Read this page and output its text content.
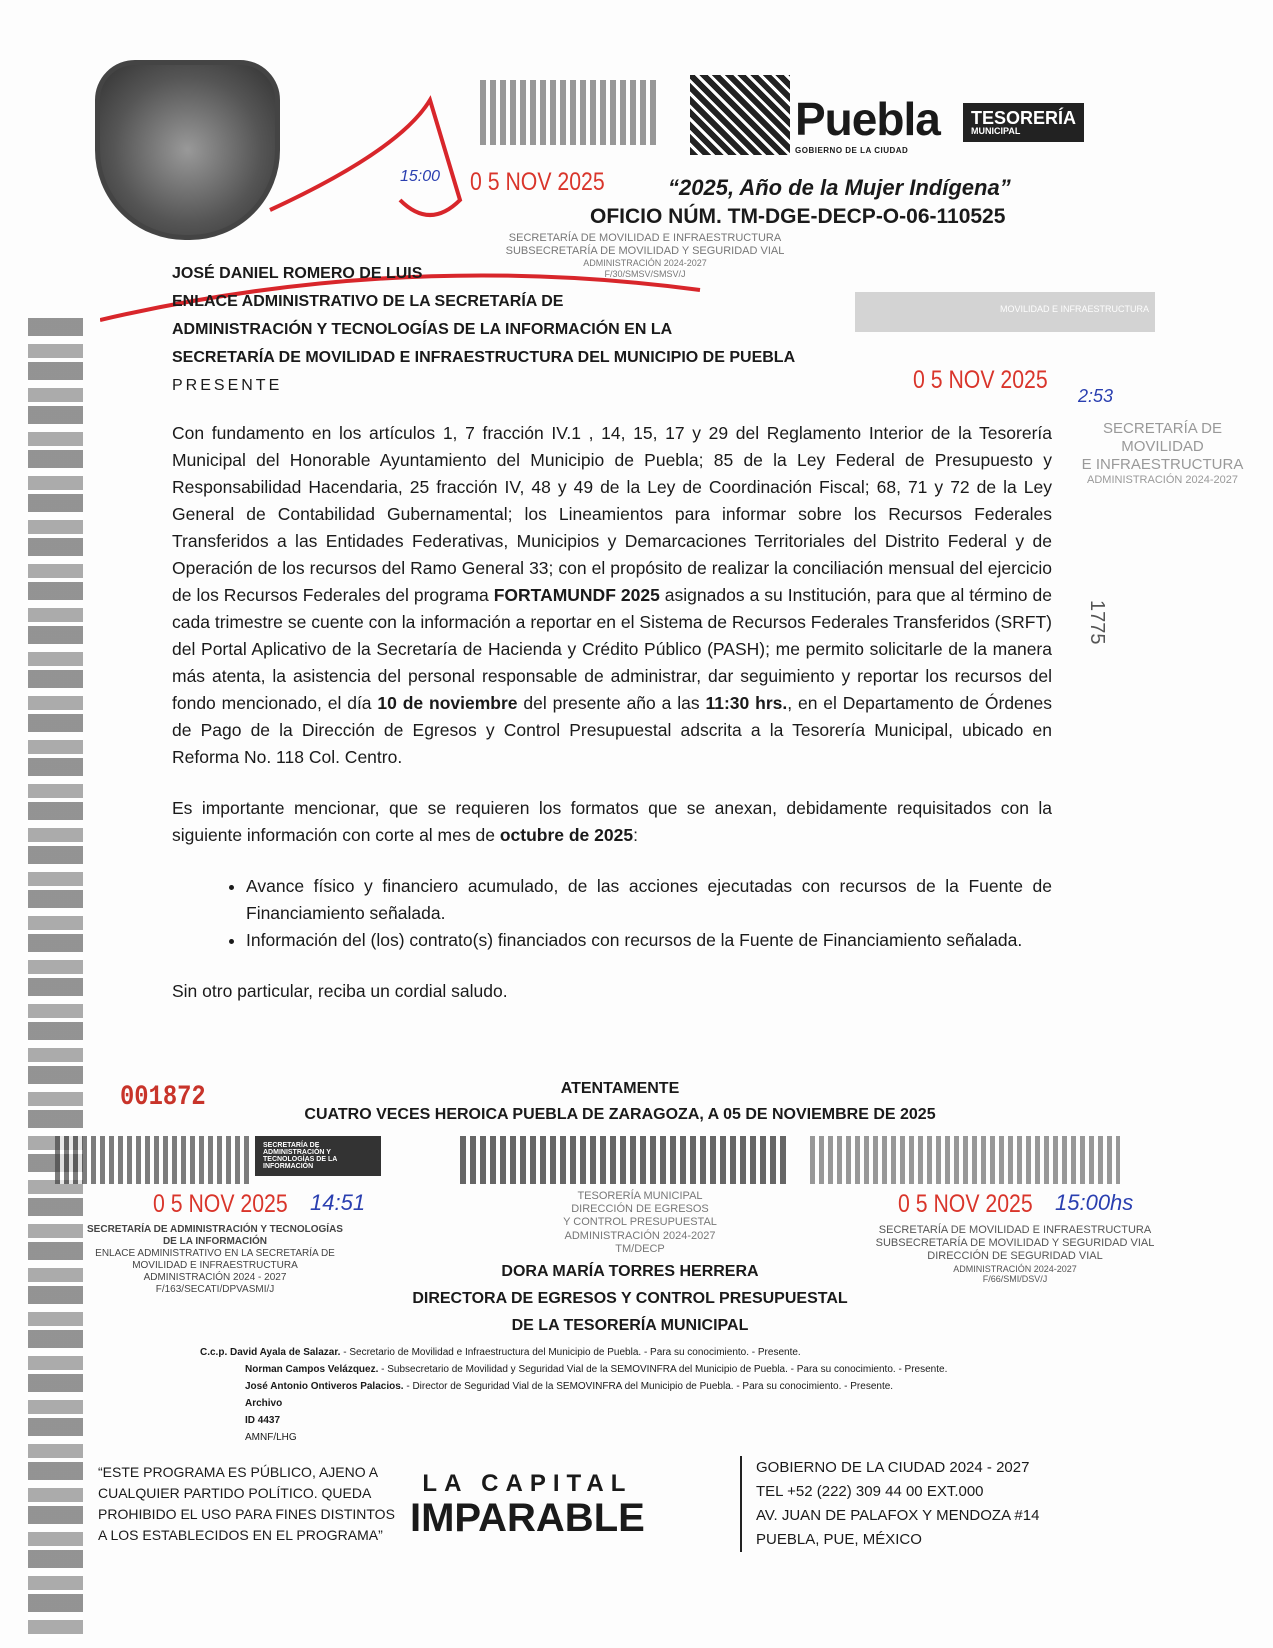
Puebla
GOBIERNO DE LA CIUDAD
TESORERÍA
MUNICIPAL
15:00 0 5 NOV 2025	“2025, Año de la Mujer Indígena”
OFICIO NÚM. TM-DGE-DECP-O-06-110525
SECRETARÍA DE MOVILIDAD E INFRAESTRUCTURA
SUBSECRETARÍA DE MOVILIDAD Y SEGURIDAD VIAL
ADMINISTRACIÓN 2024-2027
F/30/SMSV/SMSV/J
JOSÉ DANIEL ROMERO DE LUIS
ENLACE ADMINISTRATIVO DE LA SECRETARÍA DE
ADMINISTRACIÓN Y TECNOLOGÍAS DE LA INFORMACIÓN EN LA
SECRETARÍA DE MOVILIDAD E INFRAESTRUCTURA DEL MUNICIPIO DE PUEBLA
PRESENTE
MOVILIDAD E INFRAESTRUCTURA
0 5 NOV 2025
2:53
SECRETARÍA DE MOVILIDAD
E INFRAESTRUCTURA
ADMINISTRACIÓN 2024-2027
1775

Con fundamento en los artículos 1, 7 fracción IV.1 , 14, 15, 17 y 29 del Reglamento Interior de la Tesorería Municipal del Honorable Ayuntamiento del Municipio de Puebla; 85 de la Ley Federal de Presupuesto y Responsabilidad Hacendaria, 25 fracción IV, 48 y 49 de la Ley de Coordinación Fiscal; 68, 71 y 72 de la Ley General de Contabilidad Gubernamental; los Lineamientos para informar sobre los Recursos Federales Transferidos a las Entidades Federativas, Municipios y Demarcaciones Territoriales del Distrito Federal y de Operación de los recursos del Ramo General 33; con el propósito de realizar la conciliación mensual del ejercicio de los Recursos Federales del programa FORTAMUNDF 2025 asignados a su Institución, para que al término de cada trimestre se cuente con la información a reportar en el Sistema de Recursos Federales Transferidos (SRFT) del Portal Aplicativo de la Secretaría de Hacienda y Crédito Público (PASH); me permito solicitarle de la manera más atenta, la asistencia del personal responsable de administrar, dar seguimiento y reportar los recursos del fondo mencionado, el día 10 de noviembre del presente año a las 11:30 hrs., en el Departamento de Órdenes de Pago de la Dirección de Egresos y Control Presupuestal adscrita a la Tesorería Municipal, ubicado en Reforma No. 118 Col. Centro.

Es importante mencionar, que se requieren los formatos que se anexan, debidamente requisitados con la siguiente información con corte al mes de octubre de 2025:

• Avance físico y financiero acumulado, de las acciones ejecutadas con recursos de la Fuente de Financiamiento señalada.
• Información del (los) contrato(s) financiados con recursos de la Fuente de Financiamiento señalada.

Sin otro particular, reciba un cordial saludo.

001872	ATENTAMENTE
CUATRO VECES HEROICA PUEBLA DE ZARAGOZA, A 05 DE NOVIEMBRE DE 2025
SECRETARÍA DE ADMINISTRACIÓN Y TECNOLOGÍAS DE LA INFORMACIÓN
0 5 NOV 2025 14:51
SECRETARÍA DE ADMINISTRACIÓN Y TECNOLOGÍAS
DE LA INFORMACIÓN
ENLACE ADMINISTRATIVO EN LA SECRETARÍA DE
MOVILIDAD E INFRAESTRUCTURA
ADMINISTRACIÓN 2024 - 2027
F/163/SECATI/DPVASMI/J
0 5 NOV 2025 15:00hs
SECRETARÍA DE MOVILIDAD E INFRAESTRUCTURA
SUBSECRETARÍA DE MOVILIDAD Y SEGURIDAD VIAL
DIRECCIÓN DE SEGURIDAD VIAL
ADMINISTRACIÓN 2024-2027
F/66/SMI/DSV/J
TESORERÍA MUNICIPAL
DIRECCIÓN DE EGRESOS
Y CONTROL PRESUPUESTAL
ADMINISTRACIÓN 2024-2027
TM/DECP
DORA MARÍA TORRES HERRERA
DIRECTORA DE EGRESOS Y CONTROL PRESUPUESTAL
DE LA TESORERÍA MUNICIPAL
C.c.p. David Ayala de Salazar. - Secretario de Movilidad e Infraestructura del Municipio de Puebla. - Para su conocimiento. - Presente.
Norman Campos Velázquez. - Subsecretario de Movilidad y Seguridad Vial de la SEMOVINFRA del Municipio de Puebla. - Para su conocimiento. - Presente.
José Antonio Ontiveros Palacios. - Director de Seguridad Vial de la SEMOVINFRA del Municipio de Puebla. - Para su conocimiento. - Presente.
Archivo
ID 4437
AMNF/LHG
“ESTE PROGRAMA ES PÚBLICO, AJENO A
CUALQUIER PARTIDO POLÍTICO. QUEDA
PROHIBIDO EL USO PARA FINES DISTINTOS
A LOS ESTABLECIDOS EN EL PROGRAMA”
LA CAPITAL
IMPARABLE
GOBIERNO DE LA CIUDAD 2024 - 2027
TEL +52 (222) 309 44 00 EXT.000
AV. JUAN DE PALAFOX Y MENDOZA #14
PUEBLA, PUE, MÉXICO
